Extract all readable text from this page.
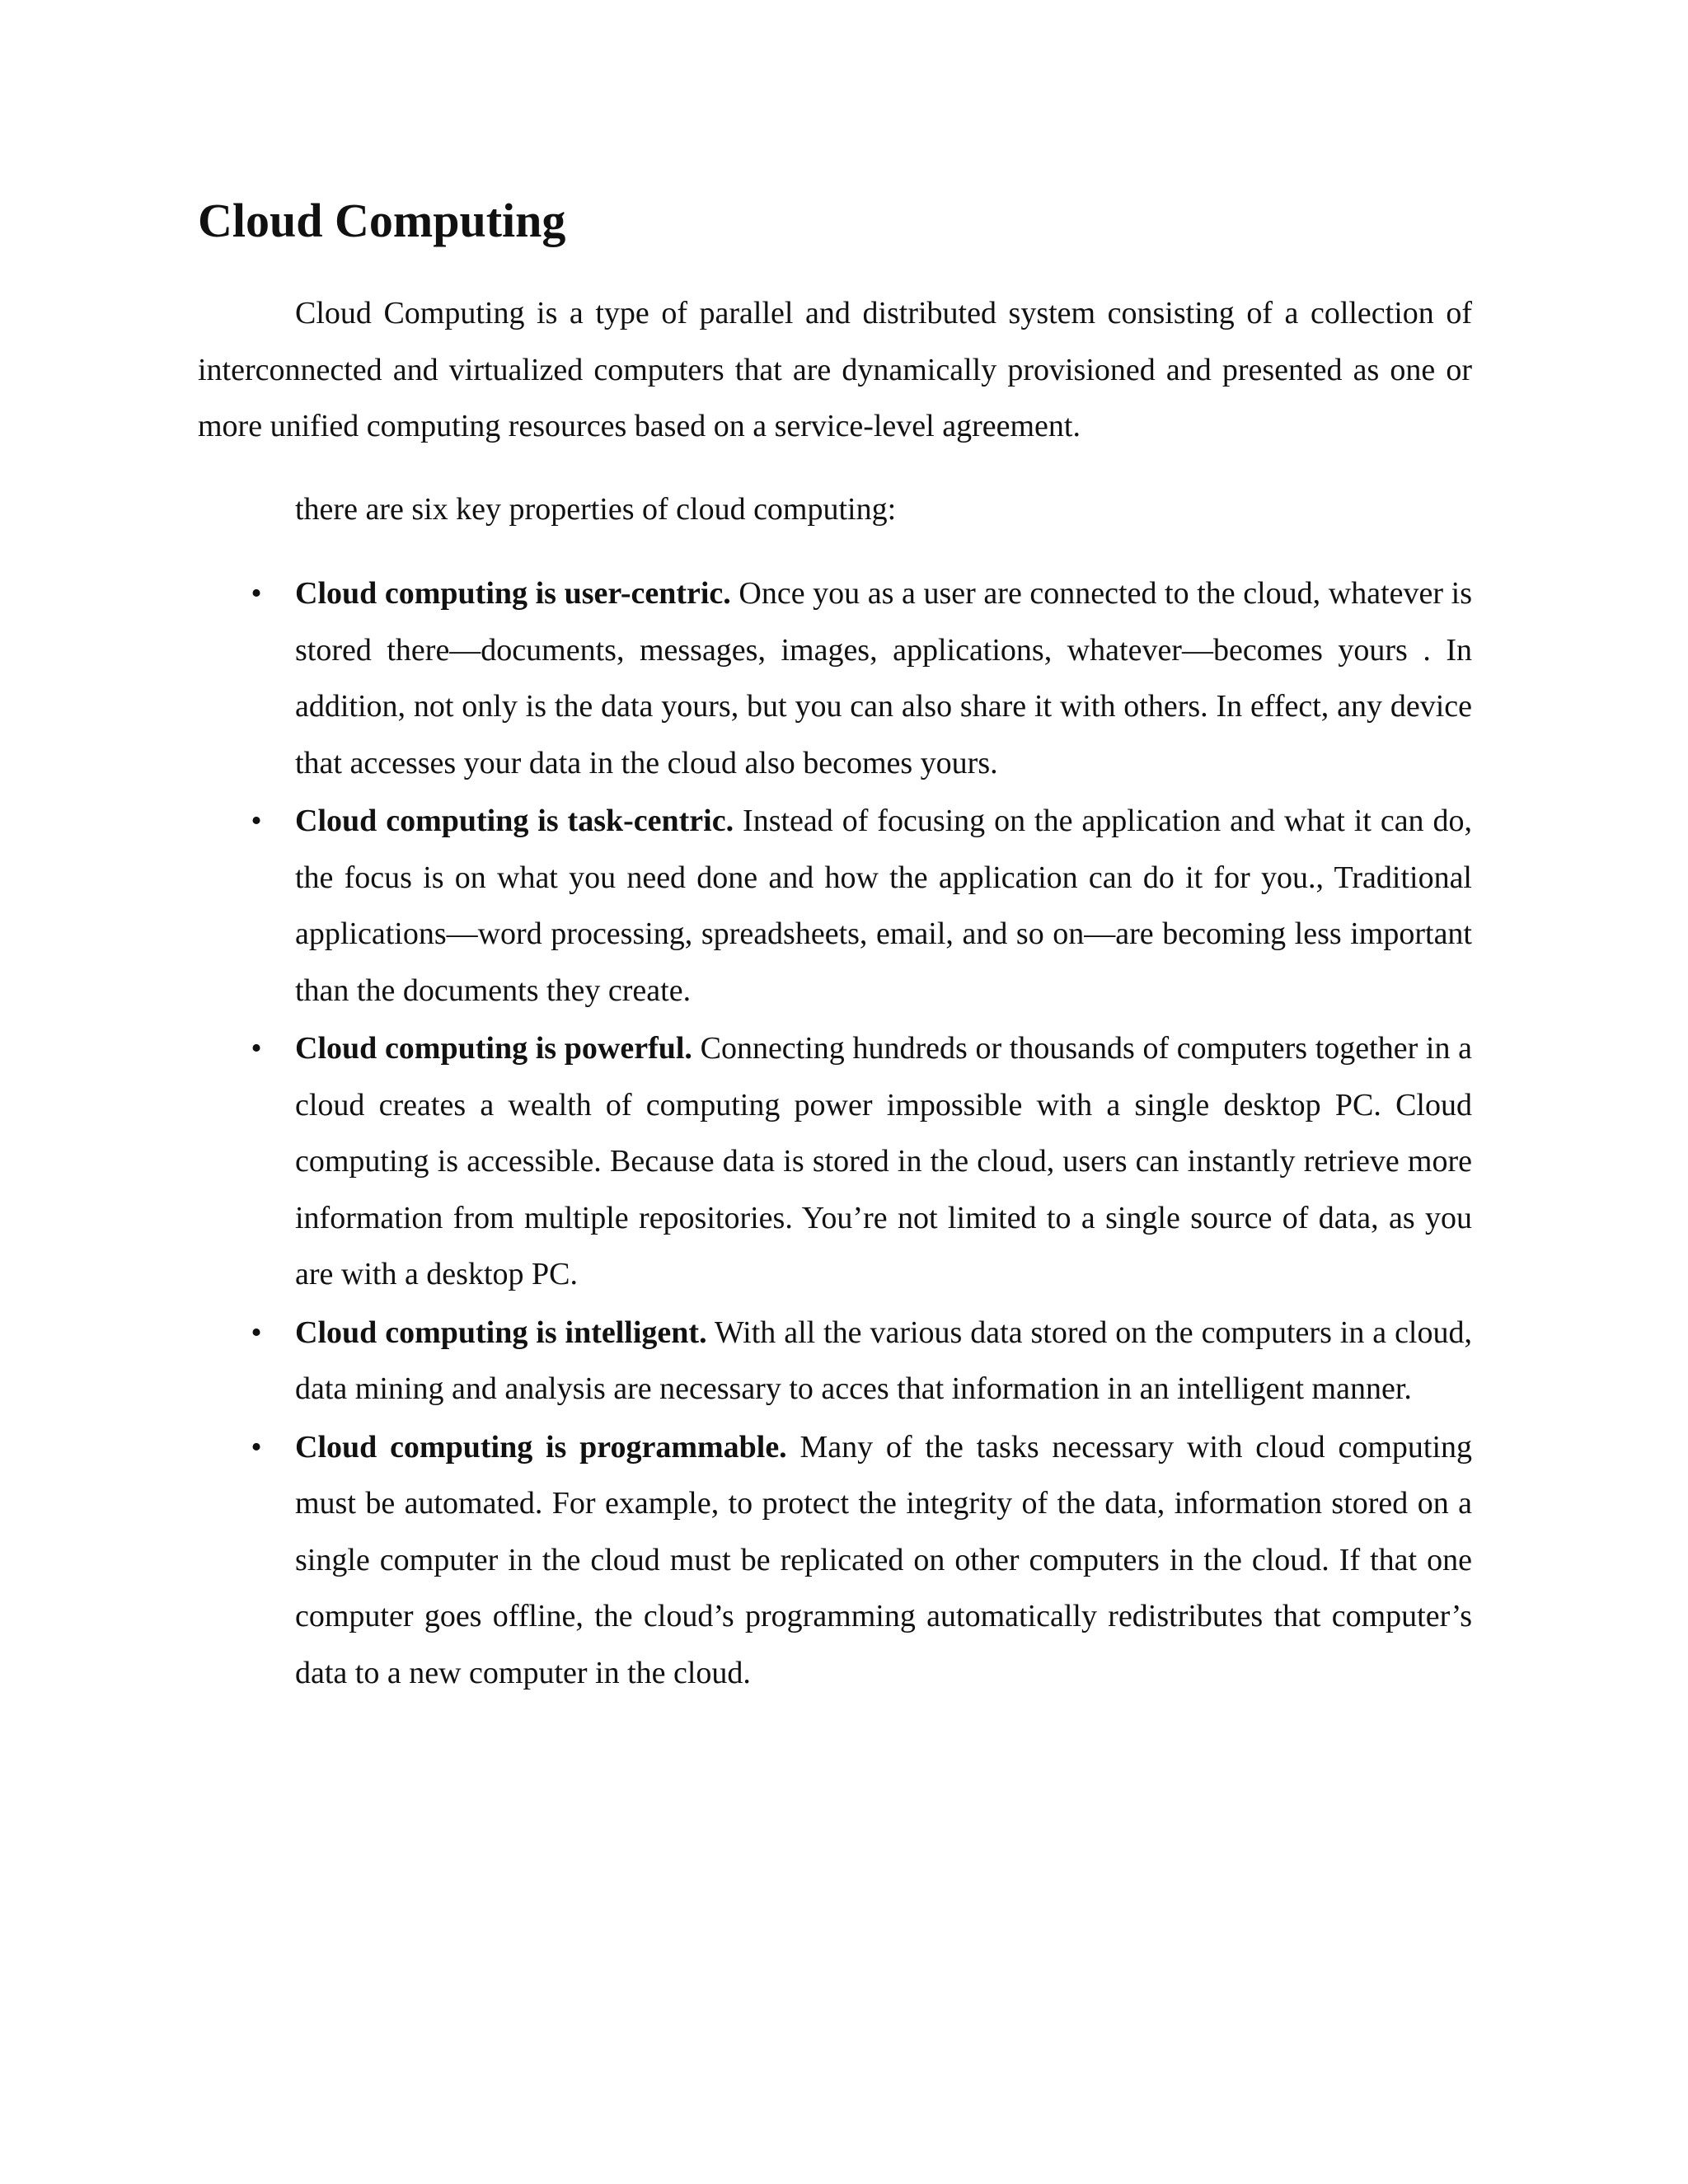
Cloud Computing

Cloud Computing is a type of parallel and distributed system consisting of a collection of interconnected and virtualized computers that are dynamically provisioned and presented as one or more unified computing resources based on a service-level agreement.

there are six key properties of cloud computing:

• Cloud computing is user-centric. Once you as a user are connected to the cloud, whatever is stored there—documents, messages, images, applications, whatever—becomes yours . In addition, not only is the data yours, but you can also share it with others. In effect, any device that accesses your data in the cloud also becomes yours.

• Cloud computing is task-centric. Instead of focusing on the application and what it can do, the focus is on what you need done and how the application can do it for you., Traditional applications—word processing, spreadsheets, email, and so on—are becoming less important than the documents they create.

• Cloud computing is powerful. Connecting hundreds or thousands of computers together in a cloud creates a wealth of computing power impossible with a single desktop PC. Cloud computing is accessible. Because data is stored in the cloud, users can instantly retrieve more information from multiple repositories. You’re not limited to a single source of data, as you are with a desktop PC.

• Cloud computing is intelligent. With all the various data stored on the computers in a cloud, data mining and analysis are necessary to acces that information in an intelligent manner.

• Cloud computing is programmable. Many of the tasks necessary with cloud computing must be automated. For example, to protect the integrity of the data, information stored on a single computer in the cloud must be replicated on other computers in the cloud. If that one computer goes offline, the cloud’s programming automatically redistributes that computer’s data to a new computer in the cloud.
